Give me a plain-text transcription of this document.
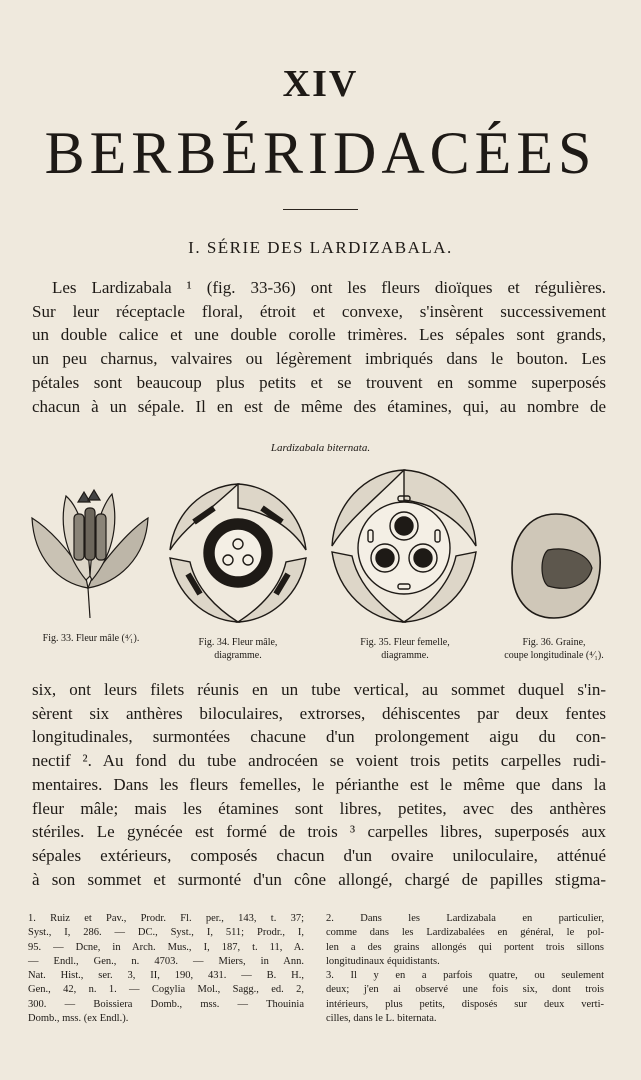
XIV
BERBÉRIDACÉES
I. SÉRIE DES LARDIZABALA.
Les Lardizabala ¹ (fig. 33-36) ont les fleurs dioïques et régulières.
Sur leur réceptacle floral, étroit et convexe, s'insèrent successivement
un double calice et une double corolle trimères. Les sépales sont grands,
un peu charnus, valvaires ou légèrement imbriqués dans le bouton. Les
pétales sont beaucoup plus petits et se trouvent en somme superposés
chacun à un sépale. Il en est de même des étamines, qui, au nombre de
Lardizabala biternata.
Fig. 33. Fleur mâle (⁴⁄₁).	Fig. 34. Fleur mâle,
diagramme.
Fig. 35. Fleur femelle,
diagramme.
Fig. 36. Graine,
coupe longitudinale (⁴⁄₁).
six, ont leurs filets réunis en un tube vertical, au sommet duquel s'in-
sèrent six anthères biloculaires, extrorses, déhiscentes par deux fentes
longitudinales, surmontées chacune d'un prolongement aigu du con-
nectif ². Au fond du tube androcéen se voient trois petits carpelles rudi-
mentaires. Dans les fleurs femelles, le périanthe est le même que dans la
fleur mâle; mais les étamines sont libres, petites, avec des anthères
stériles. Le gynécée est formé de trois ³ carpelles libres, superposés aux
sépales extérieurs, composés chacun d'un ovaire uniloculaire, atténué
à son sommet et surmonté d'un cône allongé, chargé de papilles stigma-
1. Ruiz et Pav., Prodr. Fl. per., 143, t. 37;
Syst., I, 286. — DC., Syst., I, 511; Prodr., I,
95. — Dcne, in Arch. Mus., I, 187, t. 11, A.
— Endl., Gen., n. 4703. — Miers, in Ann.
Nat. Hist., ser. 3, II, 190, 431. — B. H.,
Gen., 42, n. 1. — Cogylia Mol., Sagg., ed. 2,
300. — Boissiera Domb., mss. — Thouinia
Domb., mss. (ex Endl.).
2. Dans les Lardizabala en particulier,
comme dans les Lardizabalées en général, le pol-
len a des grains allongés qui portent trois sillons
longitudinaux équidistants.
3. Il y en a parfois quatre, ou seulement
deux; j'en ai observé une fois six, dont trois
intérieurs, plus petits, disposés sur deux verti-
cilles, dans le L. biternata.
